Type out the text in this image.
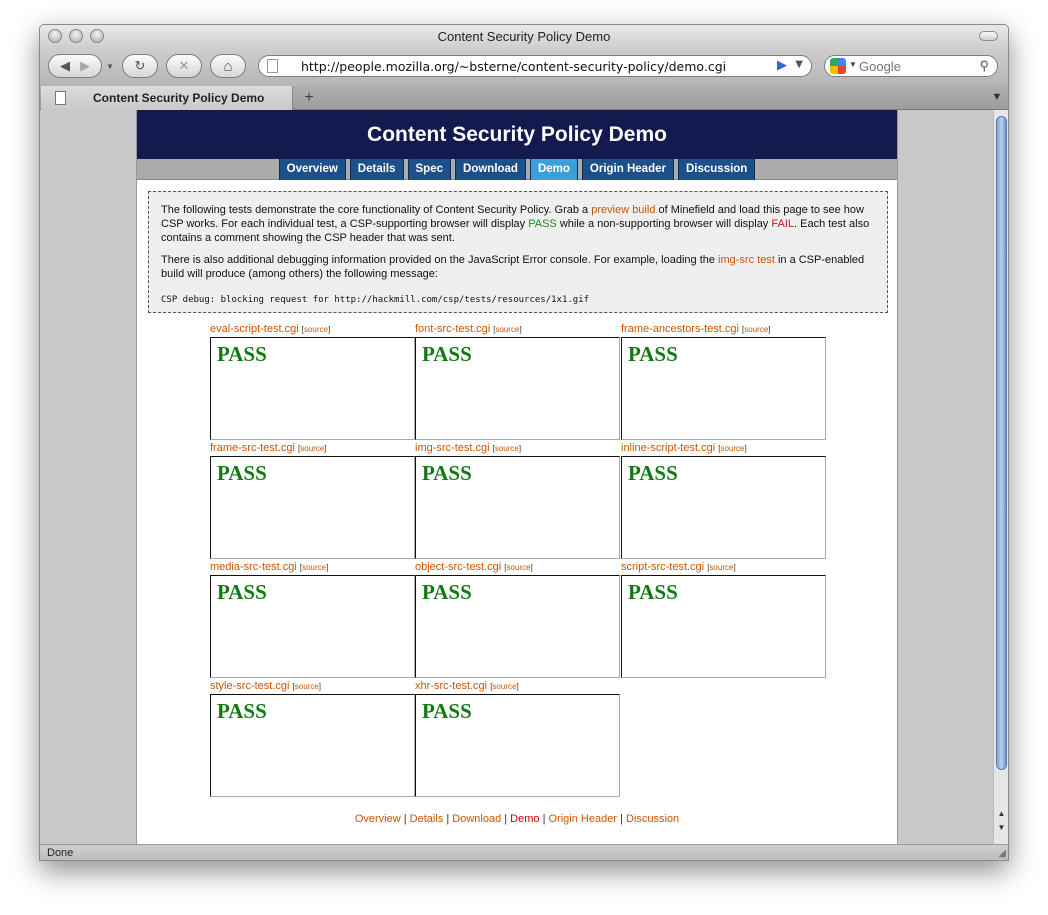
Content Security Policy Demo
◀ ▶ ▼ ↻	✕ ⌂	http://people.mozilla.org/~bsterne/content-security-policy/demo.cgi	▶ ▼	▼
Google	⚲
Content Security Policy Demo	+	▼
Content Security Policy Demo
Overview	Details	Spec	Download	Demo	Origin Header	Discussion

The following tests demonstrate the core functionality of Content Security Policy. Grab a preview build of Minefield and load this page to see how CSP works. For each individual test, a CSP-supporting browser will display PASS while a non-supporting browser will display FAIL. Each test also contains a comment showing the CSP header that was sent.

There is also additional debugging information provided on the JavaScript Error console. For example, loading the img-src test in a CSP-enabled build will produce (among others) the following message:

CSP debug: blocking request for http://hackmill.com/csp/tests/resources/1x1.gif
eval-script-test.cgi [source]
PASS
font-src-test.cgi [source]
PASS
frame-ancestors-test.cgi [source]
PASS
frame-src-test.cgi [source]
PASS
img-src-test.cgi [source]
PASS
inline-script-test.cgi [source]
PASS
media-src-test.cgi [source]
PASS
object-src-test.cgi [source]
PASS
script-src-test.cgi [source]
PASS
style-src-test.cgi [source]
PASS
xhr-src-test.cgi [source]
PASS
Overview | Details | Download | Demo | Origin Header | Discussion	▲
▼
Done	◢
